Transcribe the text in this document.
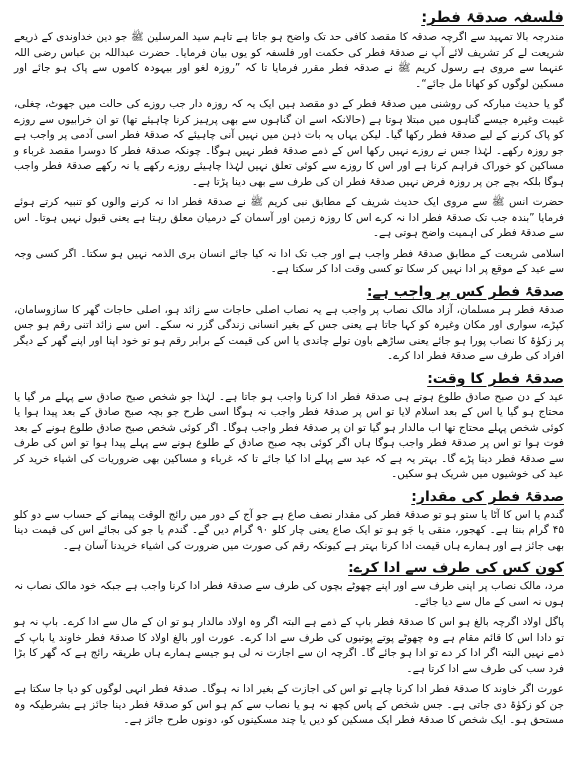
فلسفہ صدقۂ فطر:

مندرجہ بالا تمہید سے اگرچہ صدقہ کا مقصد کافی حد تک واضح ہو جاتا ہے تاہم سید المرسلین ﷺ جو دین خداوندی کے ذریعے شریعت لے کر تشریف لائے آپ نے صدقۂ فطر کی حکمت اور فلسفہ کو یوں بیان فرمایا۔ حضرت عبداللہ بن عباس رضی اللہ عنہما سے مروی ہے رسول کریم ﷺ نے صدقہ فطر مقرر فرمایا تا کہ ”روزہ لغو اور بیہودہ کاموں سے پاک ہو جائے اور مسکین لوگوں کو کھانا مل جائے“۔

گو یا حدیث مبارکہ کی روشنی میں صدقۂ فطر کے دو مقصد ہیں ایک یہ کہ روزہ دار جب روزے کی حالت میں جھوٹ، چغلی، غیبت وغیرہ جیسے گناہوں میں مبتلا ہوتا ہے (حالانکہ اسے ان گناہوں سے بھی پرہیز کرنا چاہیئے تھا) تو ان خرابیوں سے روزے کو پاک کرنے کے لیے صدقۂ فطر رکھا گیا۔ لیکن یہاں یہ بات ذہن میں نہیں آنی چاہیئے کہ صدقۂ فطر اسی آدمی پر واجب ہے جو روزہ رکھے۔ لہٰذا جس نے روزے نہیں رکھا اس کے ذمے صدقۂ فطر نہیں ہوگا۔ چونکہ صدقۂ فطر کا دوسرا مقصد غرباء و مساکین کو خوراک فراہم کرنا ہے اور اس کا روزے سے کوئی تعلق نہیں لہٰذا چاہیئے روزے رکھے یا نہ رکھے صدقۂ فطر واجب ہوگا بلکہ بچے جن پر روزہ فرض نہیں صدقۂ فطر ان کی طرف سے بھی دینا پڑتا ہے۔

حضرت انس ﷺ سے مروی ایک حدیث شریف کے مطابق نبی کریم ﷺ نے صدقۂ فطر ادا نہ کرنے والوں کو تنبیہ کرتے ہوئے فرمایا ”بندہ جب تک صدقۂ فطر ادا نہ کرے اس کا روزہ زمین اور آسمان کے درمیان معلق رہتا ہے یعنی قبول نہیں ہوتا۔ اس سے صدقۂ فطر کی اہمیت واضح ہوتی ہے۔

اسلامی شریعت کے مطابق صدقۂ فطر واجب ہے اور جب تک ادا نہ کیا جائے انسان بری الذمہ نہیں ہو سکتا۔ اگر کسی وجہ سے عید کے موقع پر ادا نہیں کر سکا تو کسی وقت ادا کر سکتا ہے۔

صدقۂ فطر کس پر واجب ہے:

صدقۂ فطر ہر مسلمان، آزاد مالک نصاب پر واجب ہے یہ نصاب اصلی حاجات سے زائد ہو، اصلی حاجات گھر کا سازوسامان، کپڑے، سواری اور مکان وغیرہ کو کہا جاتا ہے یعنی جس کے بغیر انسانی زندگی گزر نہ سکے۔ اس سے زائد اتنی رقم ہو جس پر زکوٰۃ کا نصاب پورا ہو جائے یعنی ساڑھے باون تولے چاندی یا اس کی قیمت کے برابر رقم ہو تو خود اپنا اور اپنے گھر کے دیگر افراد کی طرف سے صدقۂ فطر ادا کرے۔

صدقۂ فطر کا وقت:

عید کے دن صبح صادق طلوع ہوتے ہی صدقۂ فطر ادا کرنا واجب ہو جاتا ہے۔ لہٰذا جو شخص صبح صادق سے پہلے مر گیا یا محتاج ہو گیا یا اس کے بعد اسلام لایا تو اس پر صدقۂ فطر واجب نہ ہوگا اسی طرح جو بچہ صبح صادق کے بعد پیدا ہوا یا کوئی شخص پہلے محتاج تھا اب مالدار ہو گیا تو ان پر صدقۂ فطر واجب ہوگا۔ اگر کوئی شخص صبح صادق طلوع ہونے کے بعد فوت ہوا تو اس پر صدقۂ فطر واجب ہوگا ہاں اگر کوئی بچہ صبح صادق کے طلوع ہونے سے پہلے پیدا ہوا تو اس کی طرف سے صدقۂ فطر دینا پڑے گا۔ بہتر یہ ہے کہ عید سے پہلے ادا کیا جائے تا کہ غرباء و مساکین بھی ضروریات کی اشیاء خرید کر عید کی خوشیوں میں شریک ہو سکیں۔

صدقۂ فطر کی مقدار:

گندم یا اس کا آٹا یا ستو ہو تو صدقۂ فطر کی مقدار نصف صاع ہے جو آج کے دور میں رائج الوقت پیمانے کے حساب سے دو کلو ۴۵ گرام بنتا ہے۔ کھجور، منقی یا جَو ہو تو ایک صاع یعنی چار کلو ۹۰ گرام دیں گے۔ گندم یا جو کی بجائے اس کی قیمت دینا بھی جائز ہے اور ہمارے ہاں قیمت ادا کرنا بہتر ہے کیونکہ رقم کی صورت میں ضرورت کی اشیاء خریدنا آسان ہے۔

کون کس کی طرف سے ادا کرے:

مرد، مالک نصاب پر اپنی طرف سے اور اپنے چھوٹے بچوں کی طرف سے صدقۂ فطر ادا کرنا واجب ہے جبکہ خود مالک نصاب نہ ہوں نہ اسی کے مال سے دیا جائے۔

پاگل اولاد اگرچہ بالغ ہو اس کا صدقۂ فطر باپ کے ذمے ہے البتہ اگر وہ اولاد مالدار ہو تو ان کے مال سے ادا کرے۔ باپ نہ ہو تو دادا اس کا قائم مقام ہے وہ چھوٹے پوتے پوتیوں کی طرف سے ادا کرے۔ عورت اور بالغ اولاد کا صدقۂ فطر خاوند یا باپ کے ذمے نہیں البتہ اگر ادا کر دے تو ادا ہو جائے گا۔ اگرچہ ان سے اجازت نہ لی ہو جیسے ہمارے ہاں طریقہ رائج ہے کہ گھر کا بڑا فرد سب کی طرف سے ادا کرتا ہے۔

عورت اگر خاوند کا صدقۂ فطر ادا کرنا چاہے تو اس کی اجازت کے بغیر ادا نہ ہوگا۔ صدقۂ فطر انہی لوگوں کو دیا جا سکتا ہے جن کو زکوٰۃ دی جاتی ہے۔ جس شخص کے پاس کچھ نہ ہو یا نصاب سے کم ہو اس کو صدقۂ فطر دینا جائز ہے بشرطیکہ وہ مستحق ہو۔ ایک شخص کا صدقۂ فطر ایک مسکین کو دیں یا چند مسکینوں کو، دونوں طرح جائز ہے۔
